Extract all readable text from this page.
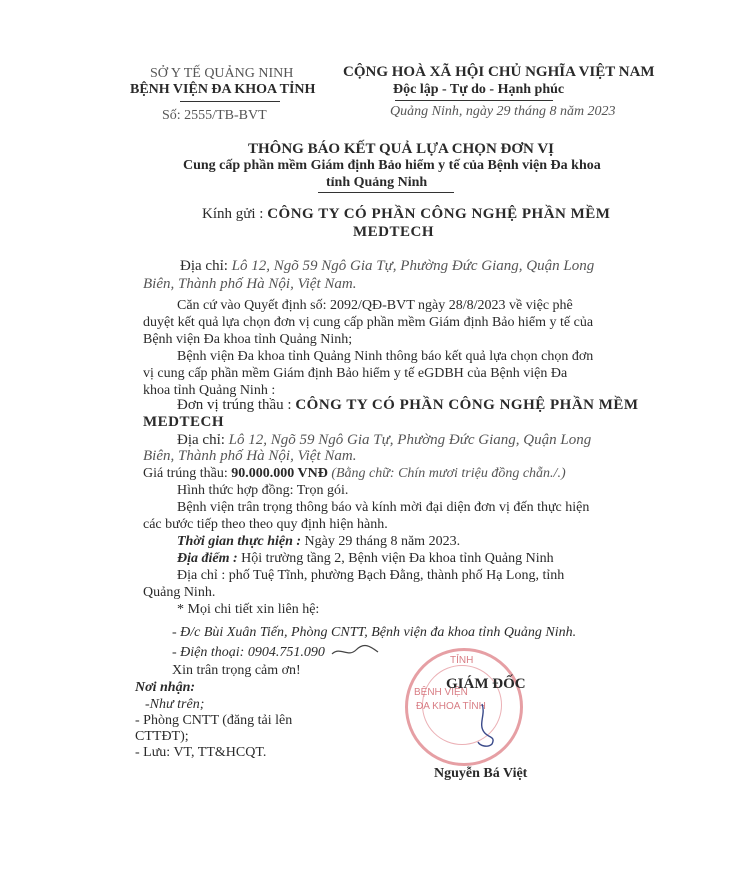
SỞ Y TẾ QUẢNG NINH
BỆNH VIỆN ĐA KHOA TỈNH
Số: 2555/TB-BVT
CỘNG HOÀ XÃ HỘI CHỦ NGHĨA VIỆT NAM
Độc lập - Tự do - Hạnh phúc
Quảng Ninh, ngày 29 tháng 8 năm 2023
THÔNG BÁO KẾT QUẢ LỰA CHỌN ĐƠN VỊ
Cung cấp phần mềm Giám định Bảo hiểm y tế của Bệnh viện Đa khoa
tỉnh Quảng Ninh
Kính gửi : CÔNG TY CÓ PHẦN CÔNG NGHỆ PHẦN MỀM
MEDTECH
Địa chỉ: Lô 12, Ngõ 59 Ngô Gia Tự, Phường Đức Giang, Quận Long
Biên, Thành phố Hà Nội, Việt Nam.
Căn cứ vào Quyết định số: 2092/QĐ-BVT ngày 28/8/2023 về việc phê
duyệt kết quả lựa chọn đơn vị cung cấp phần mềm Giám định Bảo hiểm y tế của
Bệnh viện Đa khoa tỉnh Quảng Ninh;
Bệnh viện Đa khoa tỉnh Quảng Ninh thông báo kết quả lựa chọn chọn đơn
vị cung cấp phần mềm Giám định Bảo hiểm y tế eGDBH của Bệnh viện Đa
khoa tỉnh Quảng Ninh :
Đơn vị trúng thầu : CÔNG TY CÓ PHẦN CÔNG NGHỆ PHẦN MỀM
MEDTECH
Địa chỉ: Lô 12, Ngõ 59 Ngô Gia Tự, Phường Đức Giang, Quận Long
Biên, Thành phố Hà Nội, Việt Nam.
Giá trúng thầu: 90.000.000 VNĐ (Bằng chữ: Chín mươi triệu đồng chẵn./.)
Hình thức hợp đồng: Trọn gói.
Bệnh viện trân trọng thông báo và kính mời đại diện đơn vị đến thực hiện
các bước tiếp theo theo quy định hiện hành.
Thời gian thực hiện : Ngày 29 tháng 8 năm 2023.
Địa điểm : Hội trường tầng 2, Bệnh viện Đa khoa tỉnh Quảng Ninh
Địa chỉ : phố Tuệ Tĩnh, phường Bạch Đằng, thành phố Hạ Long, tỉnh
Quảng Ninh.
* Mọi chi tiết xin liên hệ:
- Đ/c Bùi Xuân Tiến, Phòng CNTT, Bệnh viện đa khoa tỉnh Quảng Ninh.
- Điện thoại: 0904.751.090
Xin trân trọng cảm ơn!
Nơi nhận:
-Như trên;
- Phòng CNTT (đăng tải lên
CTTĐT);
- Lưu: VT, TT&HCQT.
TỈNH
BỆNH VIỆN
ĐA KHOA TỈNH
GIÁM ĐỐC
Nguyễn Bá Việt
